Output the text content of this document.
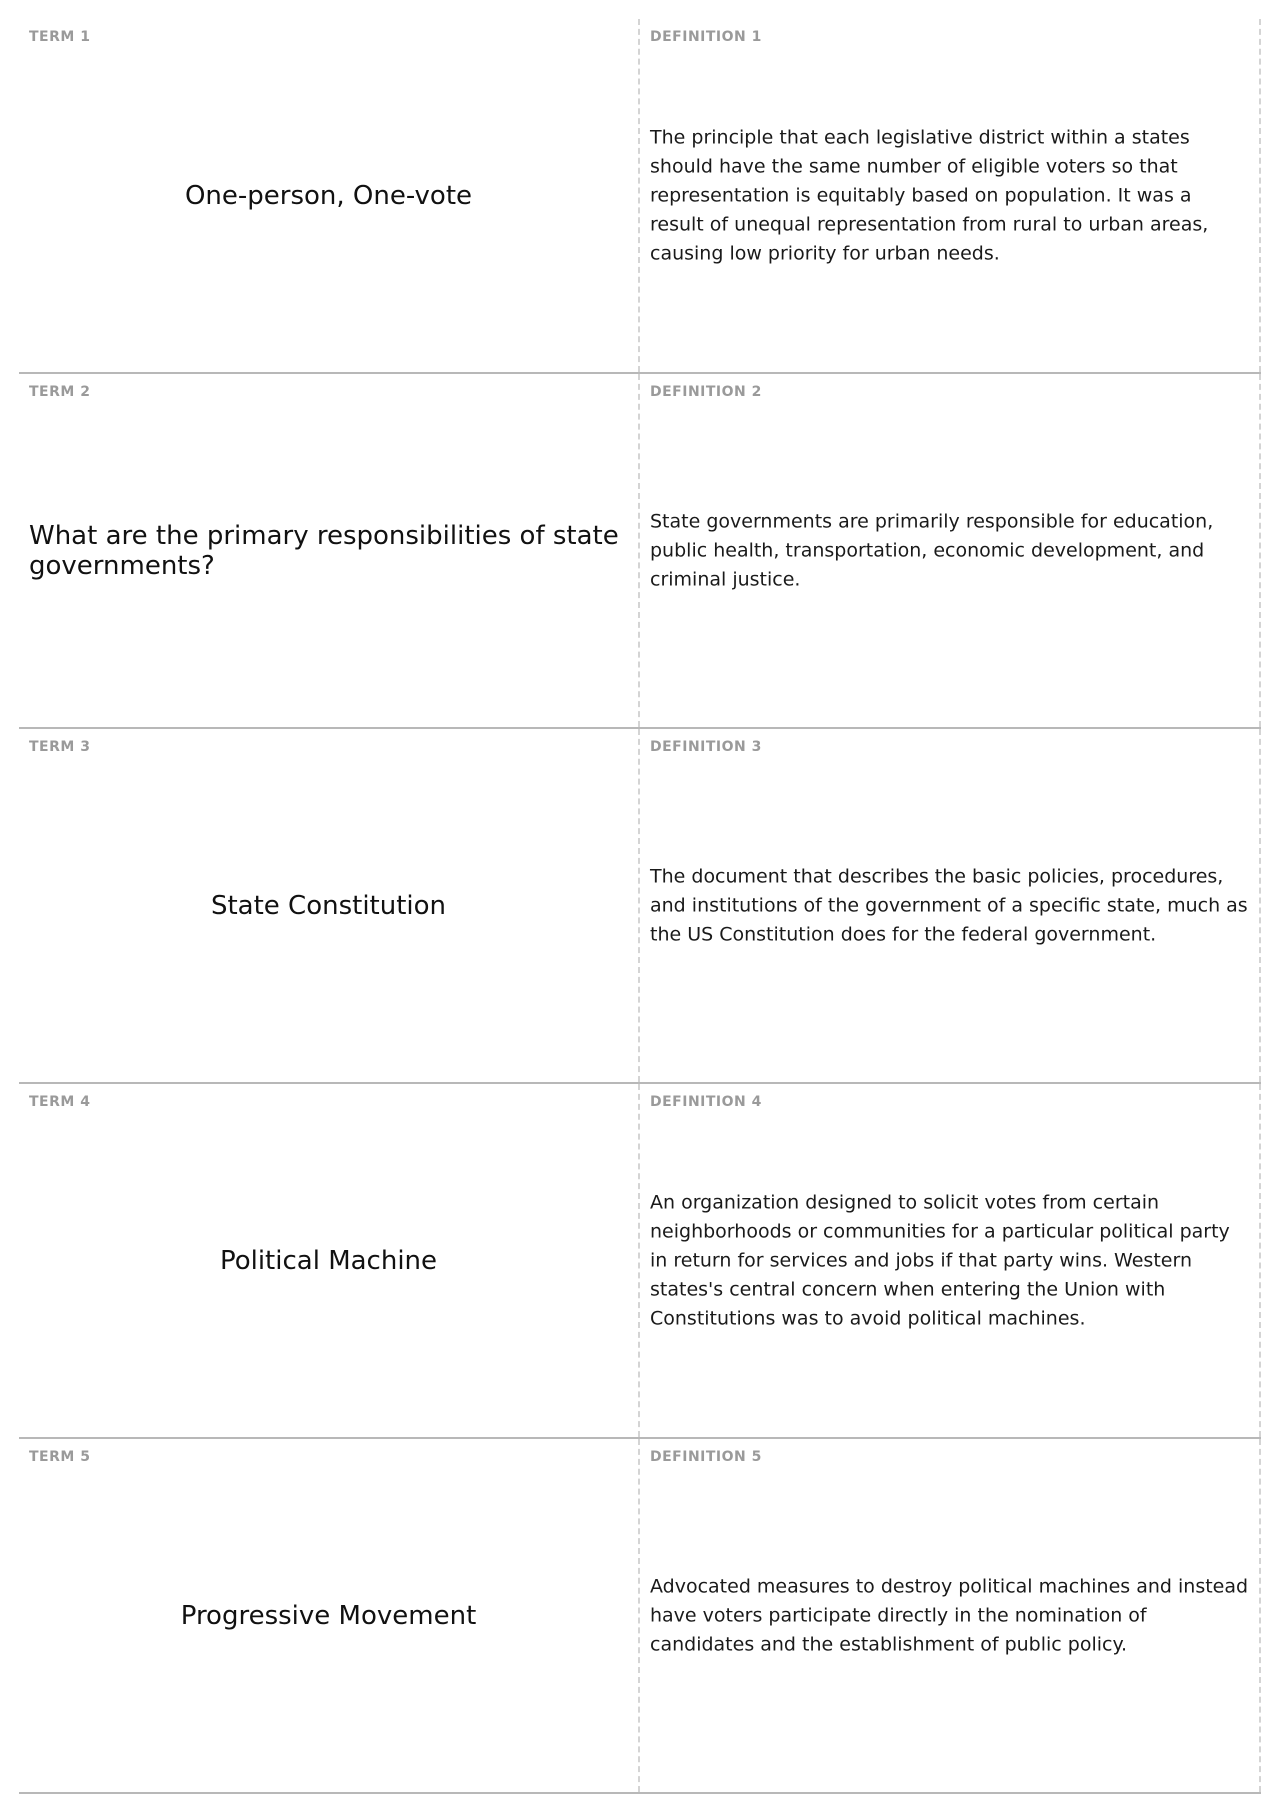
TERM 1
One-person, One-vote
DEFINITION 1
The principle that each legislative district within a states should have the same number of eligible voters so that representation is equitably based on population. It was a result of unequal representation from rural to urban areas, causing low priority for urban needs.
TERM 2
What are the primary responsibilities of state governments?
DEFINITION 2
State governments are primarily responsible for education, public health, transportation, economic development, and criminal justice.
TERM 3
State Constitution
DEFINITION 3
The document that describes the basic policies, procedures, and institutions of the government of a specific state, much as the US Constitution does for the federal government.
TERM 4
Political Machine
DEFINITION 4
An organization designed to solicit votes from certain neighborhoods or communities for a particular political party in return for services and jobs if that party wins. Western states's central concern when entering the Union with Constitutions was to avoid political machines.
TERM 5
Progressive Movement
DEFINITION 5
Advocated measures to destroy political machines and instead have voters participate directly in the nomination of candidates and the establishment of public policy.
